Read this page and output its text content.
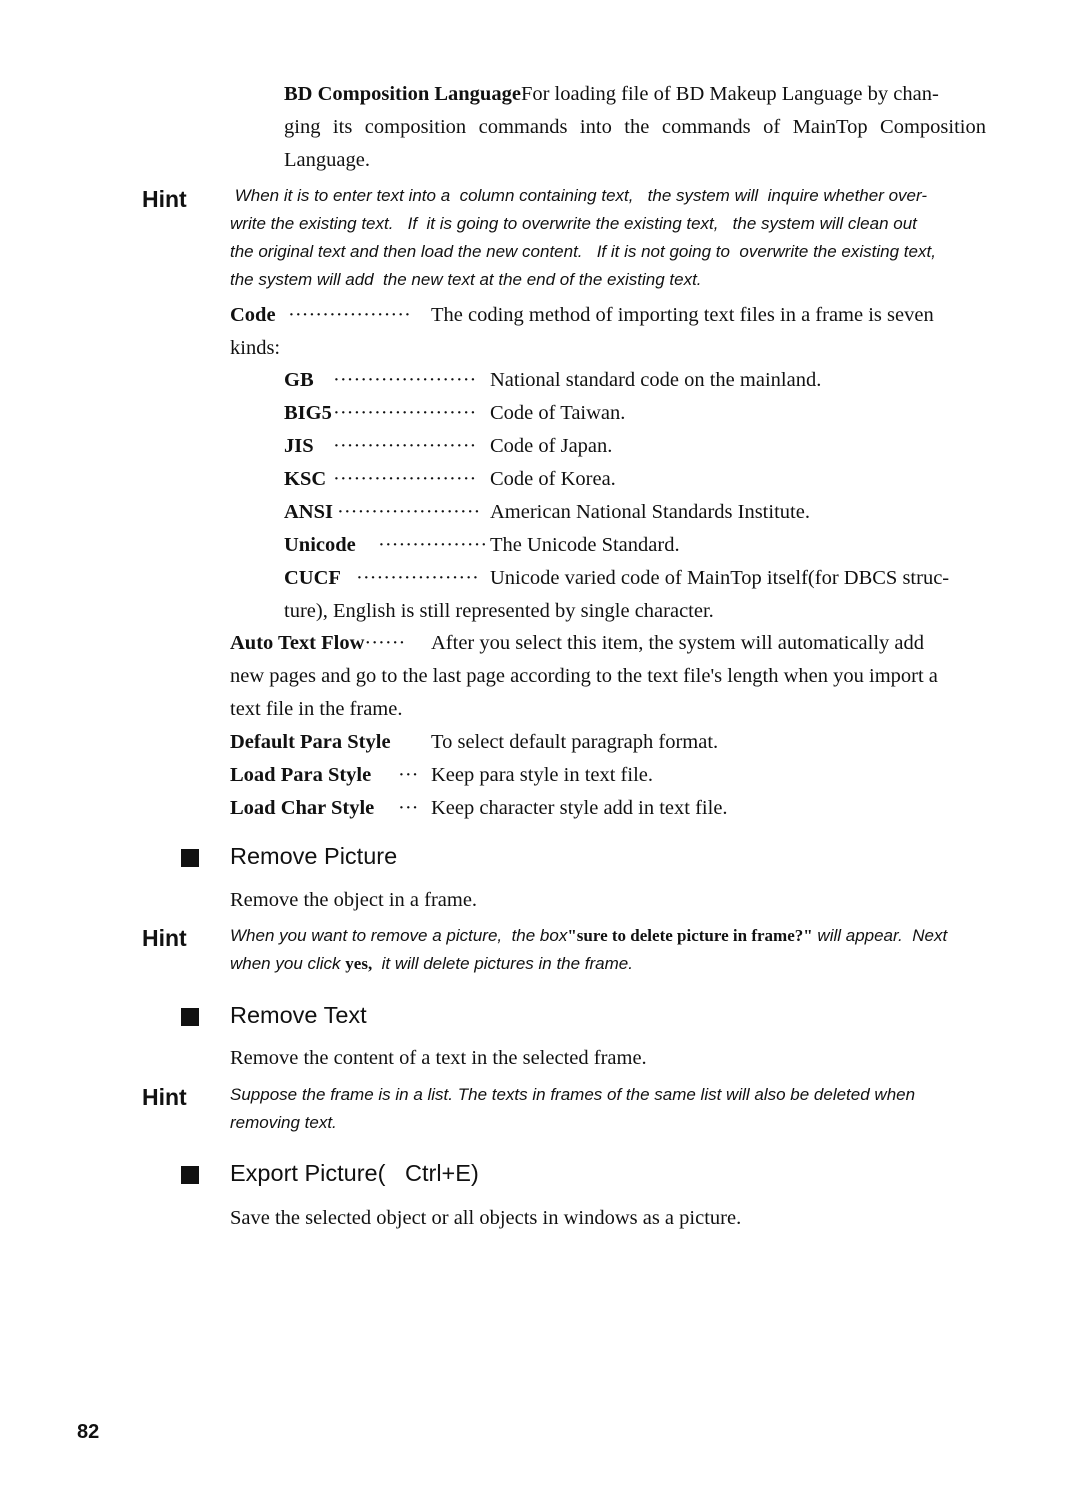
BD Composition LanguageFor loading file of BD Makeup Language by chan-
ging its composition commands into the commands of MainTop Composition
Language.
Hint	When it is to enter text into a  column containing text,   the system will  inquire whether over-
write the existing text.   If  it is going to overwrite the existing text,   the system will clean out
the original text and then load the new content.   If it is not going to  overwrite the existing text,
the system will add  the new text at the end of the existing text.
Code ·················· The coding method of importing text files in a frame is seven
kinds:
GB ····················· National standard code on the mainland.
BIG5 ····················· Code of Taiwan.
JIS ····················· Code of Japan.
KSC ····················· Code of Korea.
ANSI ····················· American National Standards Institute.
Unicode ················ The Unicode Standard.
CUCF ·················· Unicode varied code of MainTop itself(for DBCS struc-
ture), English is still represented by single character.
Auto Text Flow······ After you select this item, the system will automatically add
new pages and go to the last page according to the text file's length when you import a
text file in the frame.
Default Para Style To select default paragraph format.
Load Para Style ··· Keep para style in text file.
Load Char Style ··· Keep character style add in text file.
Remove Picture
Remove the object in a frame.
Hint	When you want to remove a picture,  the box"sure to delete picture in frame?" will appear.  Next
when you click yes,  it will delete pictures in the frame.
Remove Text
Remove the content of a text in the selected frame.
Hint	Suppose the frame is in a list. The texts in frames of the same list will also be deleted when
removing text.
Export Picture(   Ctrl+E)
Save the selected object or all objects in windows as a picture.
82
